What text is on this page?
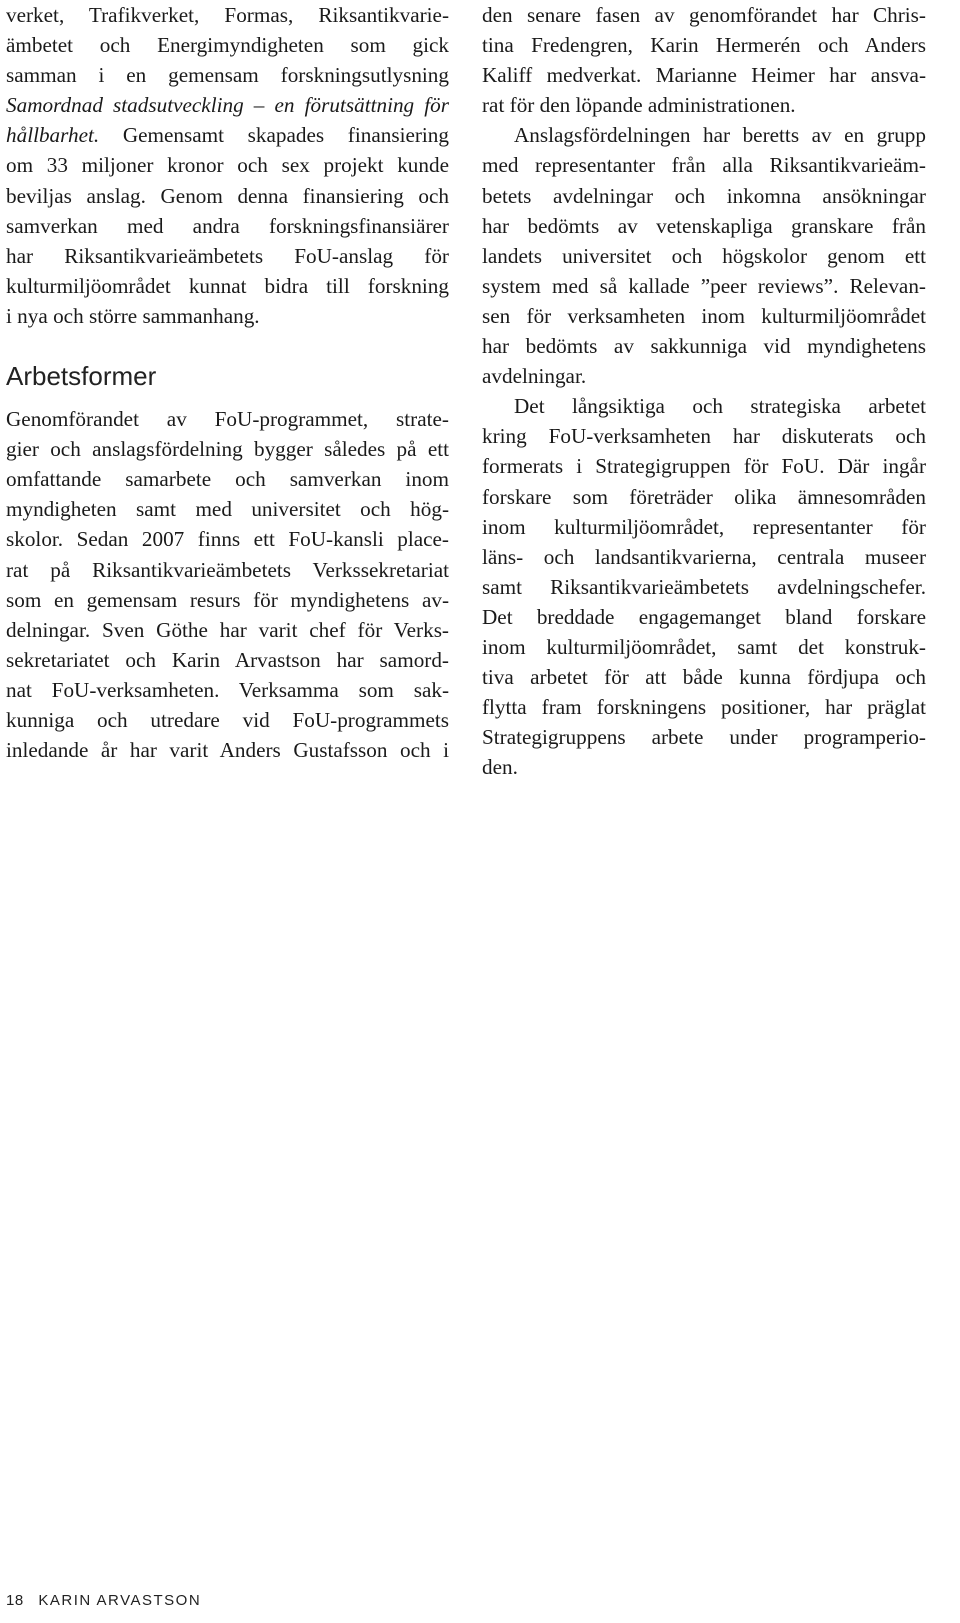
verket, Trafikverket, Formas, Riksantikvarie-
ämbetet och Energimyndigheten som gick
samman i en gemensam forskningsutlysning
Samordnad stadsutveckling – en förutsättning för
hållbarhet. Gemensamt skapades finansiering
om 33 miljoner kronor och sex projekt kunde
beviljas anslag. Genom denna finansiering och
samverkan med andra forskningsfinansiärer
har Riksantikvarieämbetets FoU-anslag för
kulturmiljöområdet kunnat bidra till forskning
i nya och större sammanhang.
Arbetsformer
Genomförandet av FoU-programmet, strate-
gier och anslagsfördelning bygger således på ett
omfattande samarbete och samverkan inom
myndigheten samt med universitet och hög-
skolor. Sedan 2007 finns ett FoU-kansli place-
rat på Riksantikvarieämbetets Verkssekretariat
som en gemensam resurs för myndighetens av-
delningar. Sven Göthe har varit chef för Verks-
sekretariatet och Karin Arvastson har samord-
nat FoU-verksamheten. Verksamma som sak-
kunniga och utredare vid FoU-programmets
inledande år har varit Anders Gustafsson och i
den senare fasen av genomförandet har Chris-
tina Fredengren, Karin Hermerén och Anders
Kaliff medverkat. Marianne Heimer har ansva-
rat för den löpande administrationen.
Anslagsfördelningen har beretts av en grupp
med representanter från alla Riksantikvarieäm-
betets avdelningar och inkomna ansökningar
har bedömts av vetenskapliga granskare från
landets universitet och högskolor genom ett
system med så kallade ”peer reviews”. Relevan-
sen för verksamheten inom kulturmiljöområdet
har bedömts av sakkunniga vid myndighetens
avdelningar.
Det långsiktiga och strategiska arbetet
kring FoU-verksamheten har diskuterats och
formerats i Strategigruppen för FoU. Där ingår
forskare som företräder olika ämnesområden
inom kulturmiljöområdet, representanter för
läns- och landsantikvarierna, centrala museer
samt Riksantikvarieämbetets avdelningschefer.
Det breddade engagemanget bland forskare
inom kulturmiljöområdet, samt det konstruk-
tiva arbetet för att både kunna fördjupa och
flytta fram forskningens positioner, har präglat
Strategigruppens arbete under programperio-
den.
18 KARIN ARVASTSON
